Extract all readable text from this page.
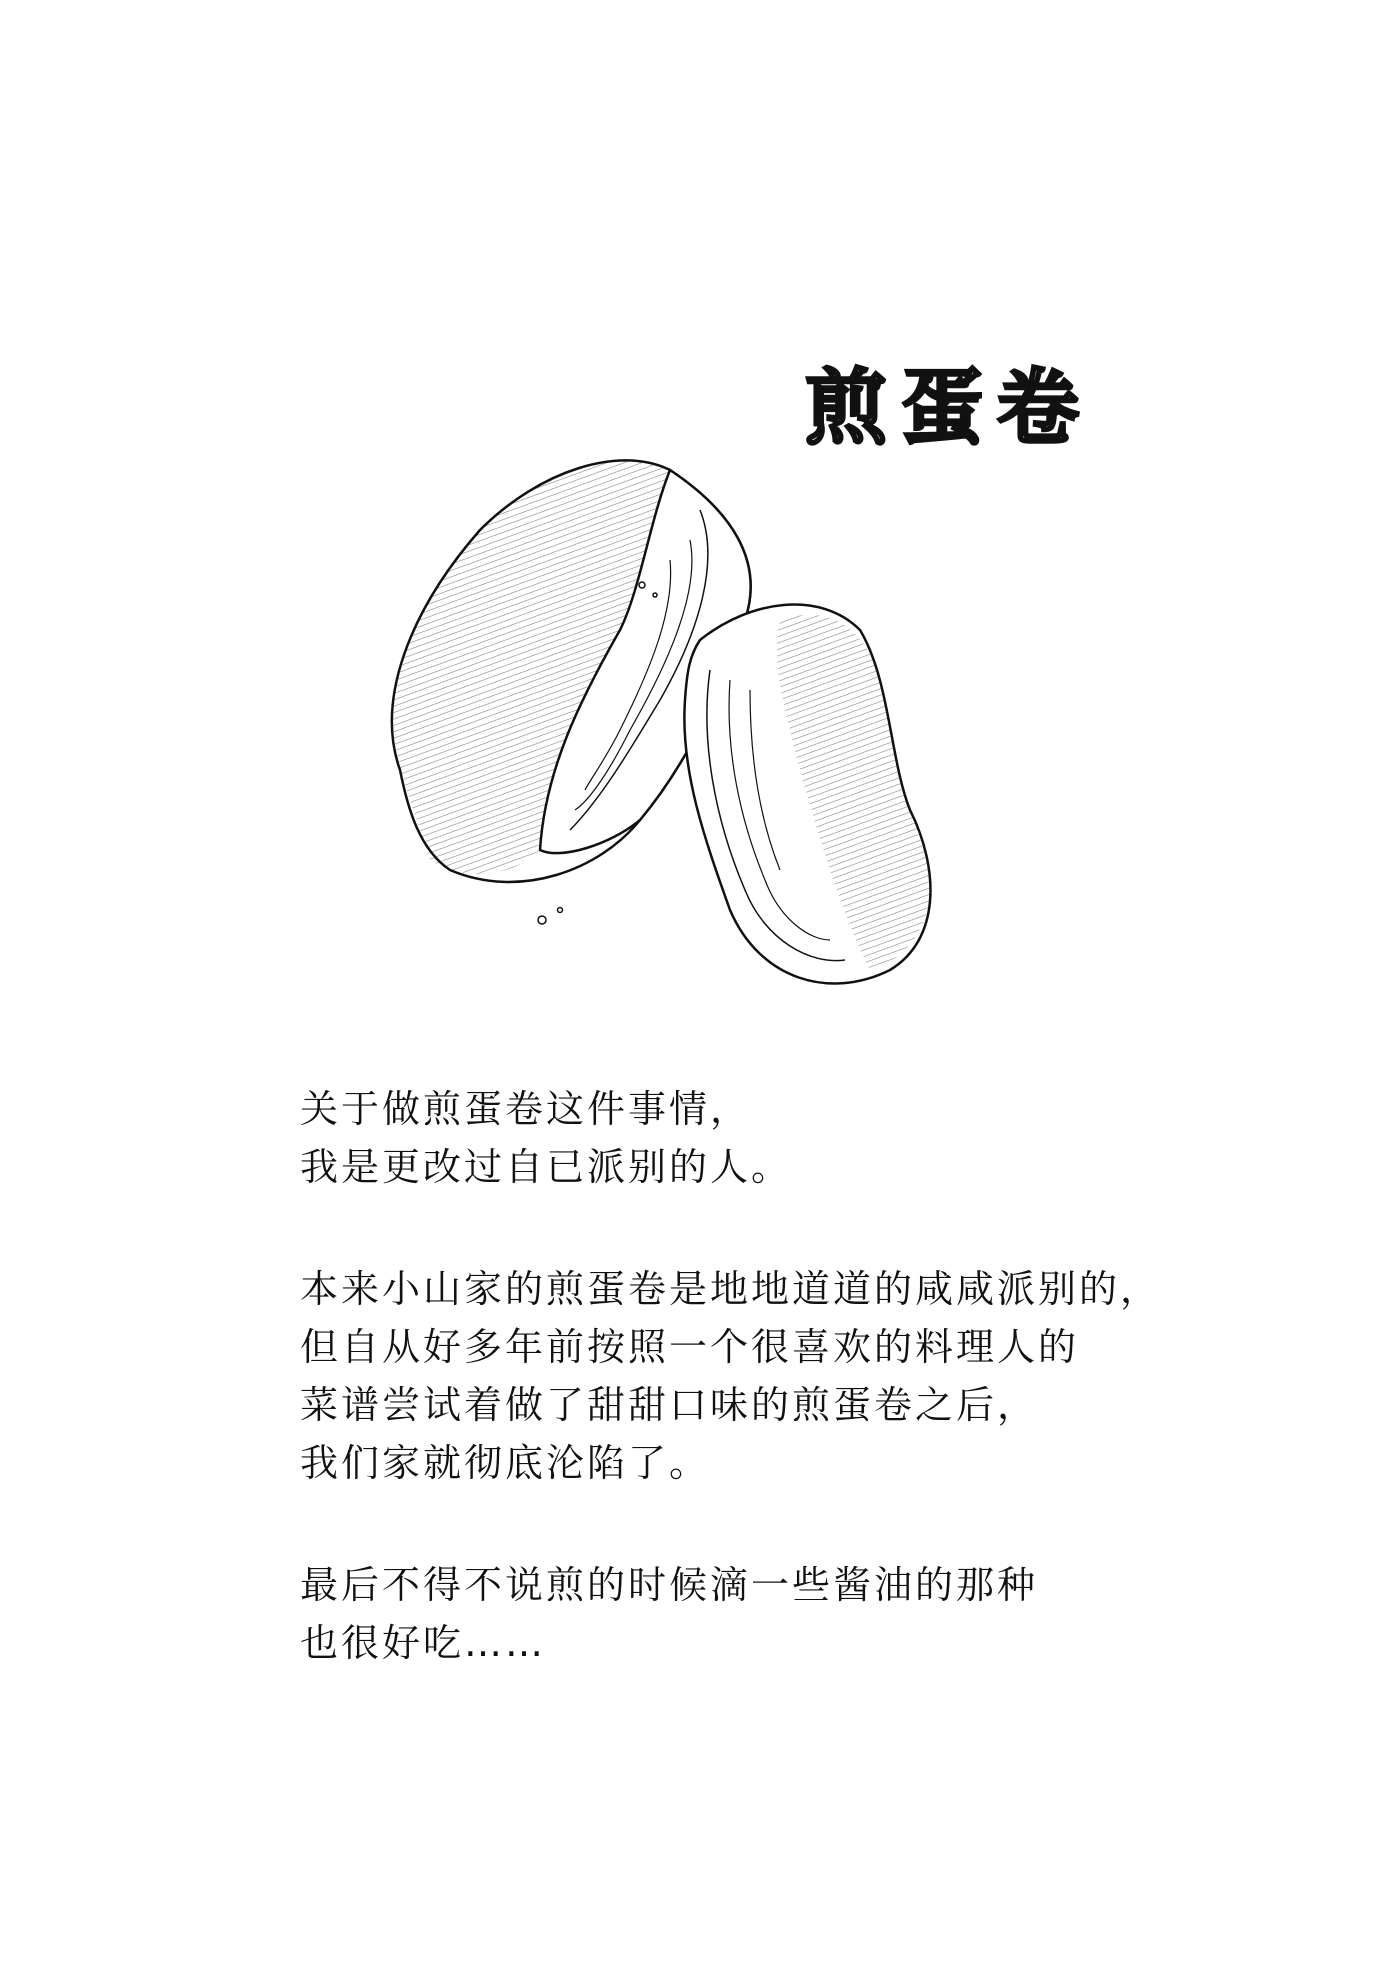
煎蛋卷

关于做煎蛋卷这件事情，
我是更改过自已派别的人。

本来小山家的煎蛋卷是地地道道的咸咸派别的，
但自从好多年前按照一个很喜欢的料理人的
菜谱尝试着做了甜甜口味的煎蛋卷之后，
我们家就彻底沦陷了。

最后不得不说煎的时候滴一些酱油的那种
也很好吃……
